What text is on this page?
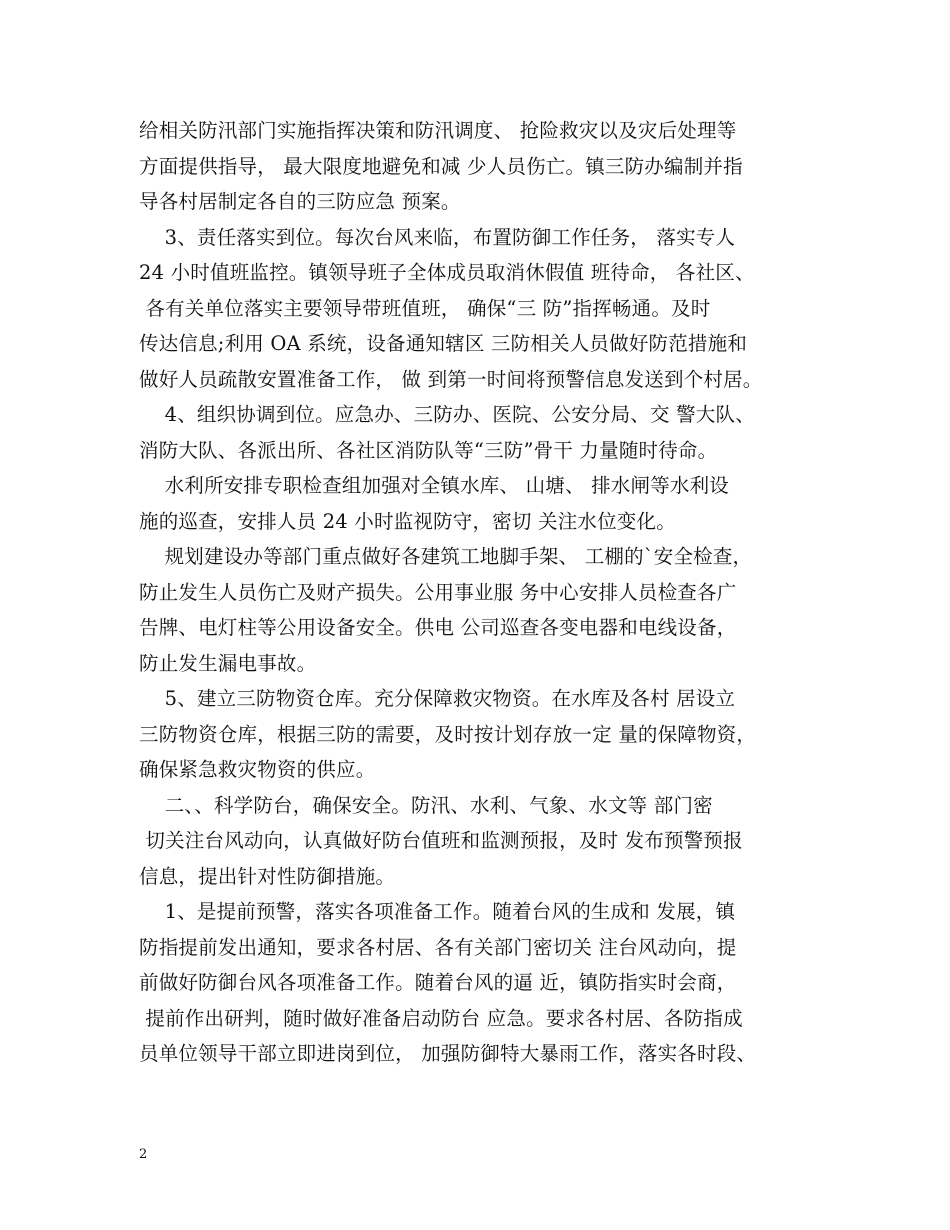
给相关防汛部门实施指挥决策和防汛调度、 抢险救灾以及灾后处理等
方面提供指导， 最大限度地避免和减 少人员伤亡。镇三防办编制并指
导各村居制定各自的三防应急 预案。
3、责任落实到位。每次台风来临，布置防御工作任务， 落实专人
24 小时值班监控。镇领导班子全体成员取消休假值 班待命， 各社区、
各有关单位落实主要领导带班值班， 确保“三 防”指挥畅通。及时
传达信息;利用 OA 系统，设备通知辖区 三防相关人员做好防范措施和
做好人员疏散安置准备工作， 做 到第一时间将预警信息发送到个村居。
4、组织协调到位。应急办、三防办、医院、公安分局、交 警大队、
消防大队、各派出所、各社区消防队等“三防”骨干 力量随时待命。
水利所安排专职检查组加强对全镇水库、 山塘、 排水闸等水利设
施的巡查，安排人员 24 小时监视防守，密切 关注水位变化。
规划建设办等部门重点做好各建筑工地脚手架、 工棚的`安全检查，
防止发生人员伤亡及财产损失。公用事业服 务中心安排人员检查各广
告牌、电灯柱等公用设备安全。供电 公司巡查各变电器和电线设备，
防止发生漏电事故。
5、建立三防物资仓库。充分保障救灾物资。在水库及各村 居设立
三防物资仓库，根据三防的需要，及时按计划存放一定 量的保障物资，
确保紧急救灾物资的供应。
二、、科学防台，确保安全。防汛、水利、气象、水文等 部门密
切关注台风动向，认真做好防台值班和监测预报，及时 发布预警预报
信息，提出针对性防御措施。
1、是提前预警，落实各项准备工作。随着台风的生成和 发展，镇
防指提前发出通知，要求各村居、各有关部门密切关 注台风动向，提
前做好防御台风各项准备工作。随着台风的逼 近，镇防指实时会商，
提前作出研判，随时做好准备启动防台 应急。要求各村居、各防指成
员单位领导干部立即进岗到位， 加强防御特大暴雨工作，落实各时段、
2
